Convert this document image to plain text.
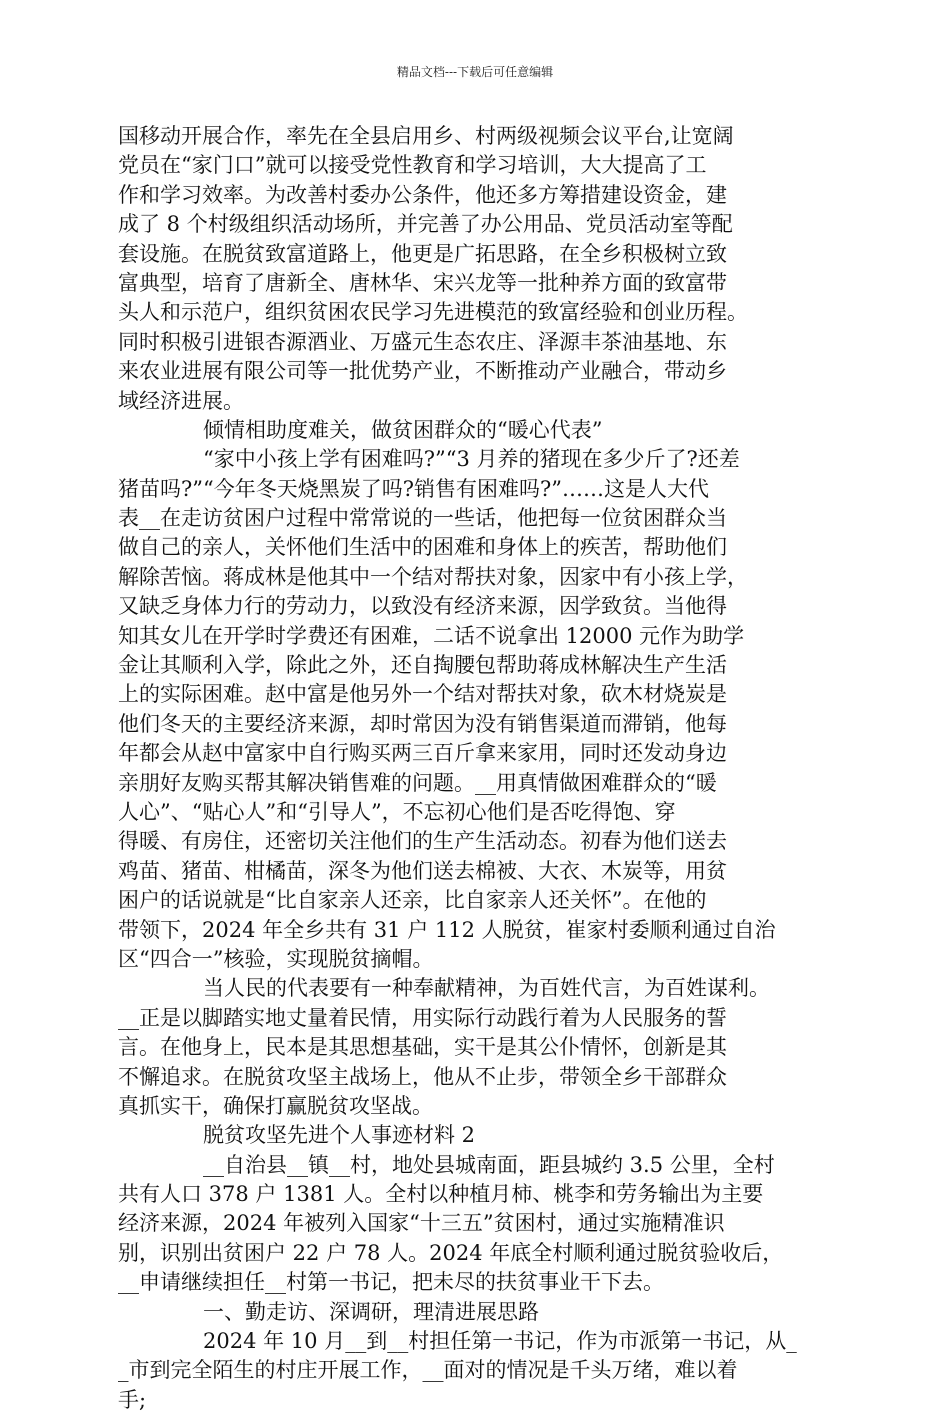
精品文档---下载后可任意编辑
国移动开展合作，率先在全县启用乡、村两级视频会议平台,让宽阔
党员在“家门口”就可以接受党性教育和学习培训，大大提高了工
作和学习效率。为改善村委办公条件，他还多方筹措建设资金，建
成了 8 个村级组织活动场所，并完善了办公用品、党员活动室等配
套设施。在脱贫致富道路上，他更是广拓思路，在全乡积极树立致
富典型，培育了唐新全、唐林华、宋兴龙等一批种养方面的致富带
头人和示范户，组织贫困农民学习先进模范的致富经验和创业历程。
同时积极引进银杏源酒业、万盛元生态农庄、泽源丰茶油基地、东
来农业进展有限公司等一批优势产业，不断推动产业融合，带动乡
域经济进展。
倾情相助度难关，做贫困群众的“暖心代表”
“家中小孩上学有困难吗?”“3 月养的猪现在多少斤了?还差
猪苗吗?”“今年冬天烧黑炭了吗?销售有困难吗?”……这是人大代
表__在走访贫困户过程中常常说的一些话，他把每一位贫困群众当
做自己的亲人，关怀他们生活中的困难和身体上的疾苦，帮助他们
解除苦恼。蒋成林是他其中一个结对帮扶对象，因家中有小孩上学，
又缺乏身体力行的劳动力，以致没有经济来源，因学致贫。当他得
知其女儿在开学时学费还有困难，二话不说拿出 12000 元作为助学
金让其顺利入学，除此之外，还自掏腰包帮助蒋成林解决生产生活
上的实际困难。赵中富是他另外一个结对帮扶对象，砍木材烧炭是
他们冬天的主要经济来源，却时常因为没有销售渠道而滞销，他每
年都会从赵中富家中自行购买两三百斤拿来家用，同时还发动身边
亲朋好友购买帮其解决销售难的问题。__用真情做困难群众的“暖
人心”、“贴心人”和“引导人”，不忘初心他们是否吃得饱、穿
得暖、有房住，还密切关注他们的生产生活动态。初春为他们送去
鸡苗、猪苗、柑橘苗，深冬为他们送去棉被、大衣、木炭等，用贫
困户的话说就是“比自家亲人还亲，比自家亲人还关怀”。在他的
带领下，2024 年全乡共有 31 户 112 人脱贫，崔家村委顺利通过自治
区“四合一”核验，实现脱贫摘帽。
当人民的代表要有一种奉献精神，为百姓代言，为百姓谋利。
__正是以脚踏实地丈量着民情，用实际行动践行着为人民服务的誓
言。在他身上，民本是其思想基础，实干是其公仆情怀，创新是其
不懈追求。在脱贫攻坚主战场上，他从不止步，带领全乡干部群众
真抓实干，确保打赢脱贫攻坚战。
脱贫攻坚先进个人事迹材料 2
__自治县__镇__村，地处县城南面，距县城约 3.5 公里，全村
共有人口 378 户 1381 人。全村以种植月柿、桃李和劳务输出为主要
经济来源，2024 年被列入国家“十三五”贫困村，通过实施精准识
别，识别出贫困户 22 户 78 人。2024 年底全村顺利通过脱贫验收后，
__申请继续担任__村第一书记，把未尽的扶贫事业干下去。
一、勤走访、深调研，理清进展思路
2024 年 10 月__到__村担任第一书记，作为市派第一书记，从_
_市到完全陌生的村庄开展工作，__面对的情况是千头万绪，难以着
手;
